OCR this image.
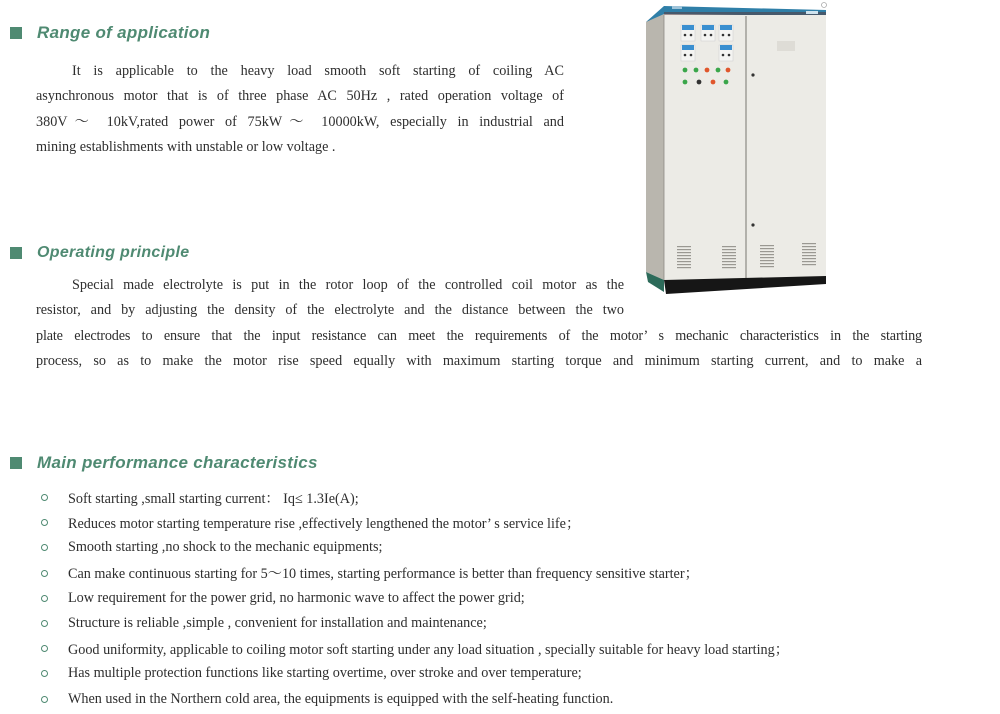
Range of application
It is applicable to the heavy load smooth soft starting of coiling AC
asynchronous motor that is of three phase AC 50Hz , rated operation voltage of
380V〜 10kV,rated power of 75kW〜 10000kW, especially in industrial and
mining establishments with unstable or low voltage .
Operating principle
Special made electrolyte is put in the rotor loop of the controlled coil motor as the
resistor, and by adjusting the density of the electrolyte and the distance between the two
plate electrodes to ensure that the input resistance can meet the requirements of the motor’ s mechanic characteristics in the starting
process, so as to make the motor rise speed equally with maximum starting torque and minimum starting current, and to make a
Main performance characteristics
Soft starting ,small starting current： Iq≤ 1.3Ie(A);
Reduces motor starting temperature rise ,effectively lengthened the motor’ s service life；
Smooth starting ,no shock to the mechanic equipments;
Can make continuous starting for 5〜10 times, starting performance is better than frequency sensitive starter；
Low requirement for the power grid, no harmonic wave to affect the power grid;
Structure is reliable ,simple , convenient for installation and maintenance;
Good uniformity, applicable to coiling motor soft starting under any load situation , specially suitable for heavy load starting；
Has multiple protection functions like starting overtime, over stroke and over temperature;
When used in the Northern cold area, the equipments is equipped with the self-heating function.
